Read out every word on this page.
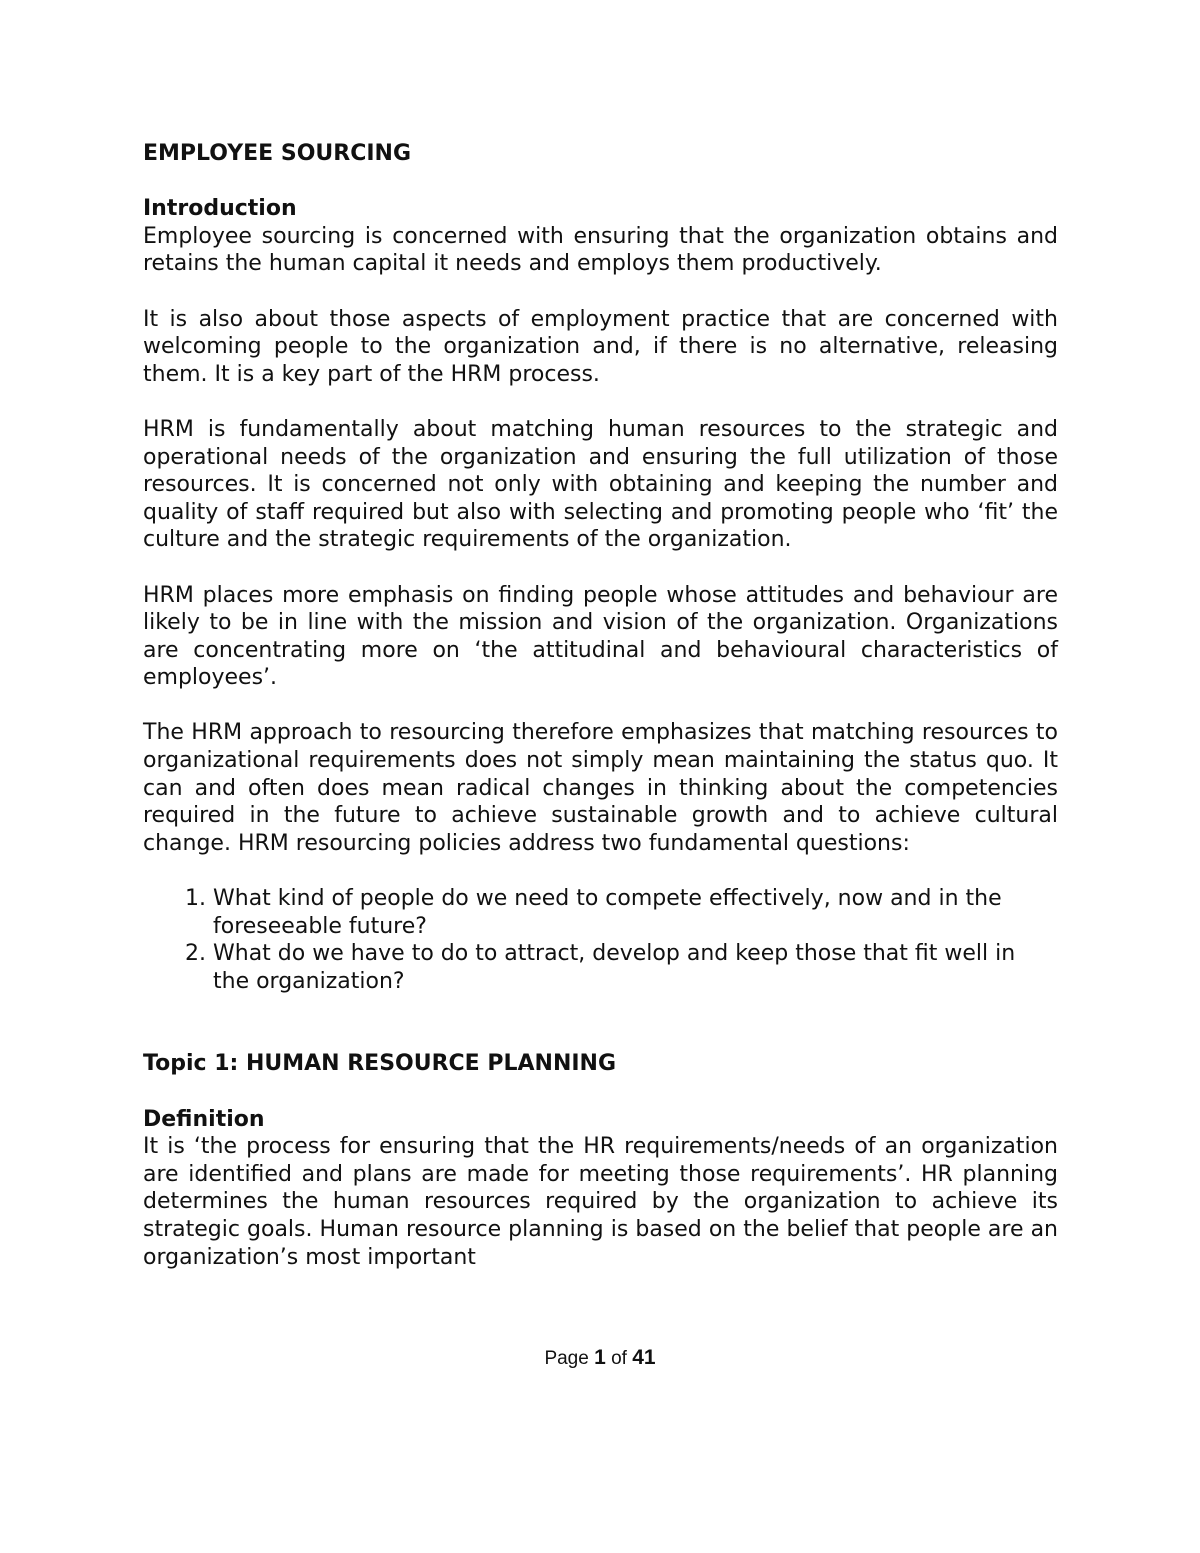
EMPLOYEE SOURCING

Introduction

Employee sourcing is concerned with ensuring that the organization obtains and retains the human capital it needs and employs them productively.

It is also about those aspects of employment practice that are concerned with welcoming people to the organization and, if there is no alternative, releasing them. It is a key part of the HRM process.

HRM is fundamentally about matching human resources to the strategic and operational needs of the organization and ensuring the full utilization of those resources. It is concerned not only with obtaining and keeping the number and quality of staff required but also with selecting and promoting people who ‘fit’ the culture and the strategic requirements of the organization.

HRM places more emphasis on finding people whose attitudes and behaviour are likely to be in line with the mission and vision of the organization. Organizations are concentrating more on ‘the attitudinal and behavioural characteristics of employees’.

The HRM approach to resourcing therefore emphasizes that matching resources to organizational requirements does not simply mean maintaining the status quo. It can and often does mean radical changes in thinking about the competencies required in the future to achieve sustainable growth and to achieve cultural change. HRM resourcing policies address two fundamental questions:

1. What kind of people do we need to compete effectively, now and in the foreseeable future?
2. What do we have to do to attract, develop and keep those that fit well in the organization?

Topic 1: HUMAN RESOURCE PLANNING

Definition

It is ‘the process for ensuring that the HR requirements/needs of an organization are identified and plans are made for meeting those requirements’. HR planning determines the human resources required by the organization to achieve its strategic goals. Human resource planning is based on the belief that people are an organization’s most important

Page 1 of 41
